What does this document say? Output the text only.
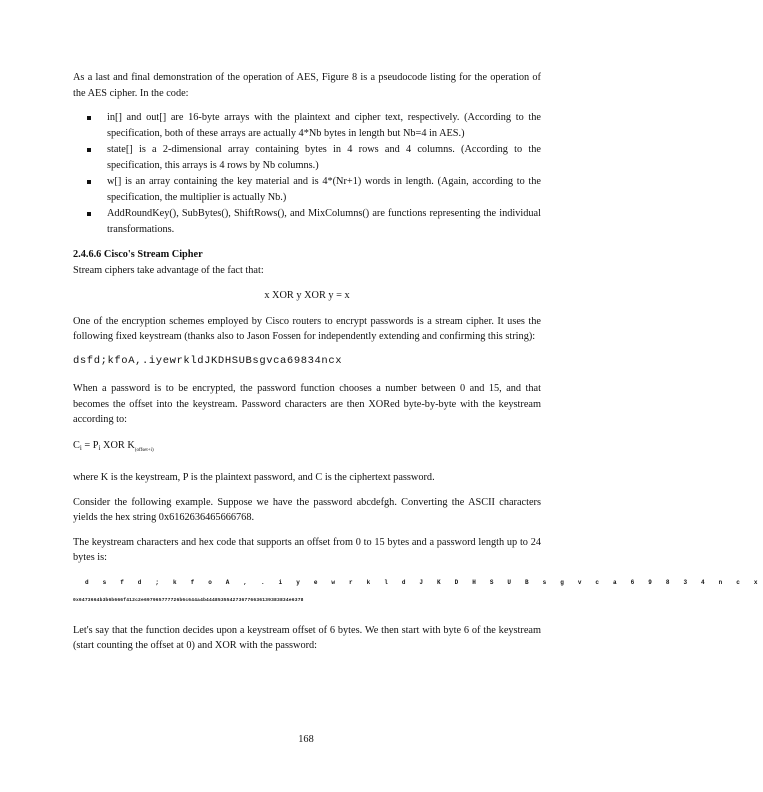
As a last and final demonstration of the operation of AES, Figure 8 is a pseudocode listing for the operation of the AES cipher. In the code:

in[] and out[] are 16-byte arrays with the plaintext and cipher text, respectively. (According to the specification, both of these arrays are actually 4*Nb bytes in length but Nb=4 in AES.)
state[] is a 2-dimensional array containing bytes in 4 rows and 4 columns. (According to the specification, this arrays is 4 rows by Nb columns.)
w[] is an array containing the key material and is 4*(Nr+1) words in length. (Again, according to the specification, the multiplier is actually Nb.)
AddRoundKey(), SubBytes(), ShiftRows(), and MixColumns() are functions representing the individual transformations.
2.4.6.6 Cisco's Stream Cipher

Stream ciphers take advantage of the fact that:

x XOR y XOR y = x

One of the encryption schemes employed by Cisco routers to encrypt passwords is a stream cipher. It uses the following fixed keystream (thanks also to Jason Fossen for independently extending and confirming this string):

dsfd;kfoA,.iyewrkldJKDHSUBsgvca69834ncx

When a password is to be encrypted, the password function chooses a number between 0 and 15, and that becomes the offset into the keystream. Password characters are then XORed byte-by-byte with the keystream according to:

$C_i = P_i$ XOR $K_{(offset+i)}$

where K is the keystream, P is the plaintext password, and C is the ciphertext password.

Consider the following example. Suppose we have the password abcdefgh. Converting the ASCII characters yields the hex string 0x6162636465666768.

The keystream characters and hex code that supports an offset from 0 to 15 bytes and a password length up to 24 bytes is:

d s f d ; k f o A , . i y e w r k l d J K D H S U B s g v c a 6 9 8 3 4 n c x
0x6473664b3b6b666f412c2e697965777726b6c644a4b4448535542736776636139383834e6378

Let's say that the function decides upon a keystream offset of 6 bytes. We then start with byte 6 of the keystream (start counting the offset at 0) and XOR with the password:

168
